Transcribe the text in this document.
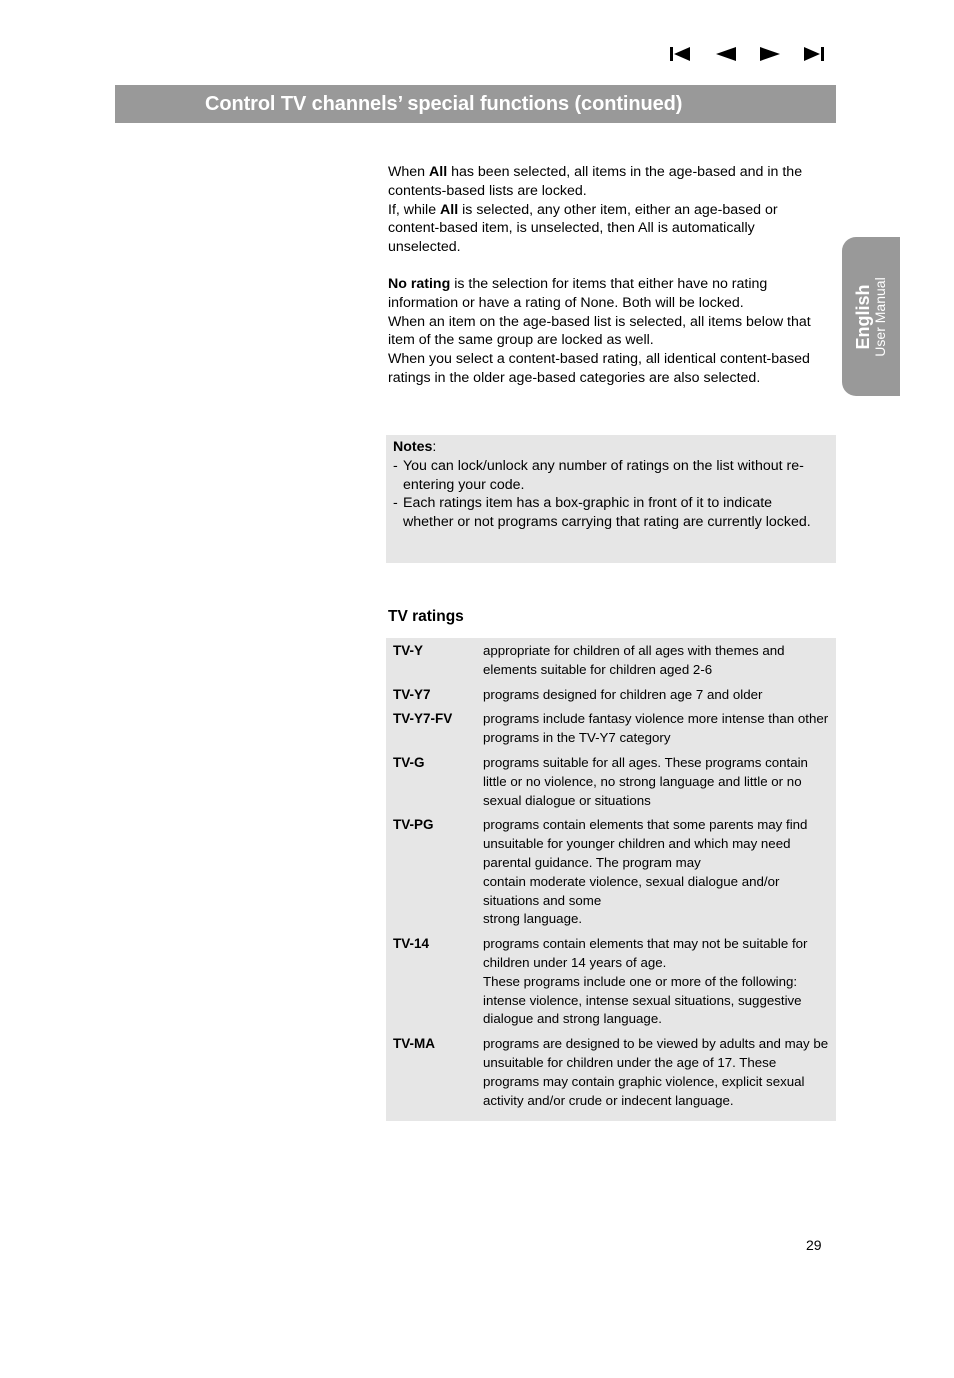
Control TV channels’ special functions (continued)
English User Manual

When All has been selected, all items in the age-based and in the contents-based lists are locked.

If, while All is selected, any other item, either an age-based or content-based item, is unselected, then All is automatically unselected.

No rating is the selection for items that either have no rating information or have a rating of None. Both will be locked.

When an item on the age-based list is selected, all items below that item of the same group are locked as well.

When you select a content-based rating, all identical content-based ratings in the older age-based categories are also selected.

Notes:

- You can lock/unlock any number of ratings on the list without re-entering your code.

- Each ratings item has a box-graphic in front of it to indicate whether or not programs carrying that rating are currently locked.

TV ratings
TV-Y	appropriate for children of all ages with themes and elements suitable for children aged 2-6
TV-Y7	programs designed for children age 7 and older
TV-Y7-FV	programs include fantasy violence more intense than other programs in the TV-Y7 category
TV-G	programs suitable for all ages. These programs contain little or no violence, no strong language and little or no sexual dialogue or situations
TV-PG	programs contain elements that some parents may find unsuitable for younger children and which may need parental guidance. The program may
contain moderate violence, sexual dialogue and/or situations and some
strong language.
TV-14	programs contain elements that may not be suitable for children under 14 years of age.
These programs include one or more of the following: intense violence, intense sexual situations, suggestive dialogue and strong language.
TV-MA	programs are designed to be viewed by adults and may be unsuitable for children under the age of 17. These programs may contain graphic violence, explicit sexual activity and/or crude or indecent language.
29
